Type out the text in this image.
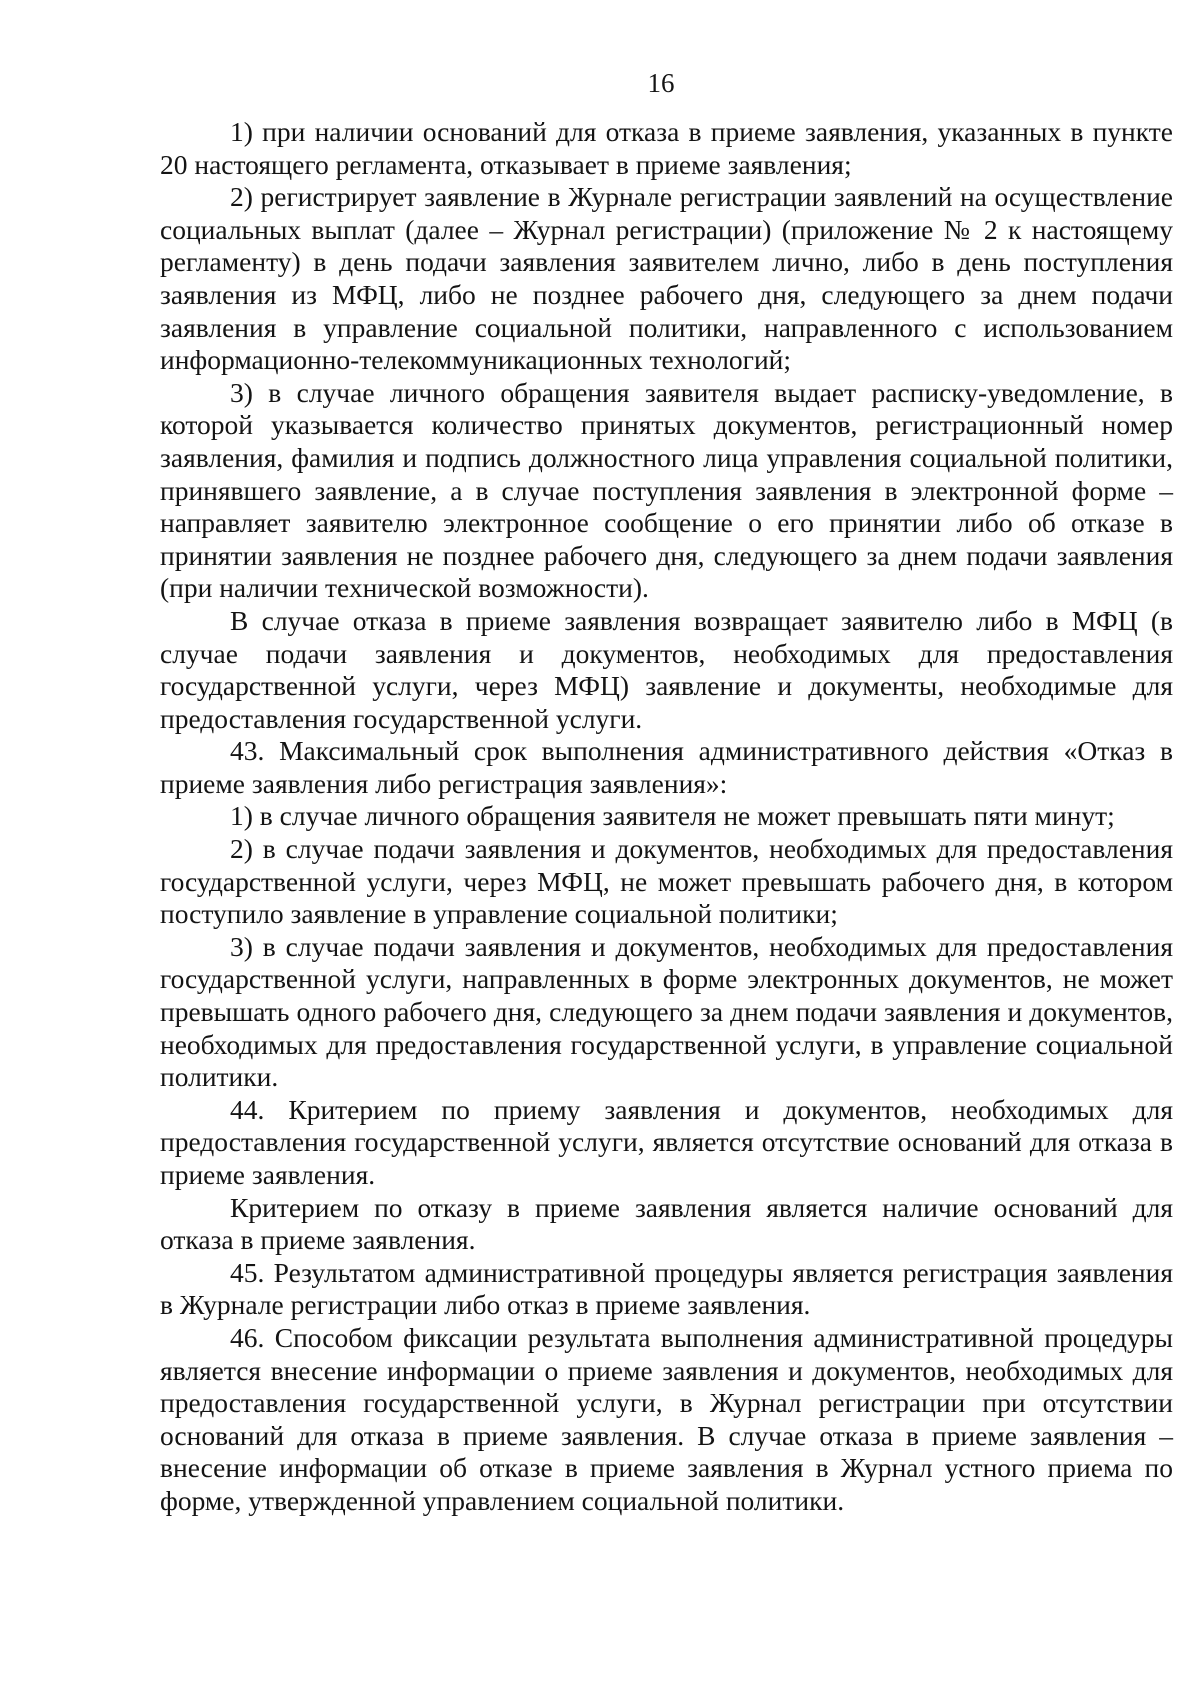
16

1) при наличии оснований для отказа в приеме заявления, указанных в пункте 20 настоящего регламента, отказывает в приеме заявления;

2) регистрирует заявление в Журнале регистрации заявлений на осуществление социальных выплат (далее – Журнал регистрации) (приложение № 2 к настоящему регламенту) в день подачи заявления заявителем лично, либо в день поступления заявления из МФЦ, либо не позднее рабочего дня, следующего за днем подачи заявления в управление социальной политики, направленного с использованием информационно-телекоммуникационных технологий;

3) в случае личного обращения заявителя выдает расписку-уведомление, в которой указывается количество принятых документов, регистрационный номер заявления, фамилия и подпись должностного лица управления социальной политики, принявшего заявление, а в случае поступления заявления в электронной форме – направляет заявителю электронное сообщение о его принятии либо об отказе в принятии заявления не позднее рабочего дня, следующего за днем подачи заявления (при наличии технической возможности).

В случае отказа в приеме заявления возвращает заявителю либо в МФЦ (в случае подачи заявления и документов, необходимых для предоставления государственной услуги, через МФЦ) заявление и документы, необходимые для предоставления государственной услуги.

43. Максимальный срок выполнения административного действия «Отказ в приеме заявления либо регистрация заявления»:

1) в случае личного обращения заявителя не может превышать пяти минут;

2) в случае подачи заявления и документов, необходимых для предоставления государственной услуги, через МФЦ, не может превышать рабочего дня, в котором поступило заявление в управление социальной политики;

3) в случае подачи заявления и документов, необходимых для предоставления государственной услуги, направленных в форме электронных документов, не может превышать одного рабочего дня, следующего за днем подачи заявления и документов, необходимых для предоставления государственной услуги, в управление социальной политики.

44. Критерием по приему заявления и документов, необходимых для предоставления государственной услуги, является отсутствие оснований для отказа в приеме заявления.

Критерием по отказу в приеме заявления является наличие оснований для отказа в приеме заявления.

45. Результатом административной процедуры является регистрация заявления в Журнале регистрации либо отказ в приеме заявления.

46. Способом фиксации результата выполнения административной процедуры является внесение информации о приеме заявления и документов, необходимых для предоставления государственной услуги, в Журнал регистрации при отсутствии оснований для отказа в приеме заявления. В случае отказа в приеме заявления – внесение информации об отказе в приеме заявления в Журнал устного приема по форме, утвержденной управлением социальной политики.
